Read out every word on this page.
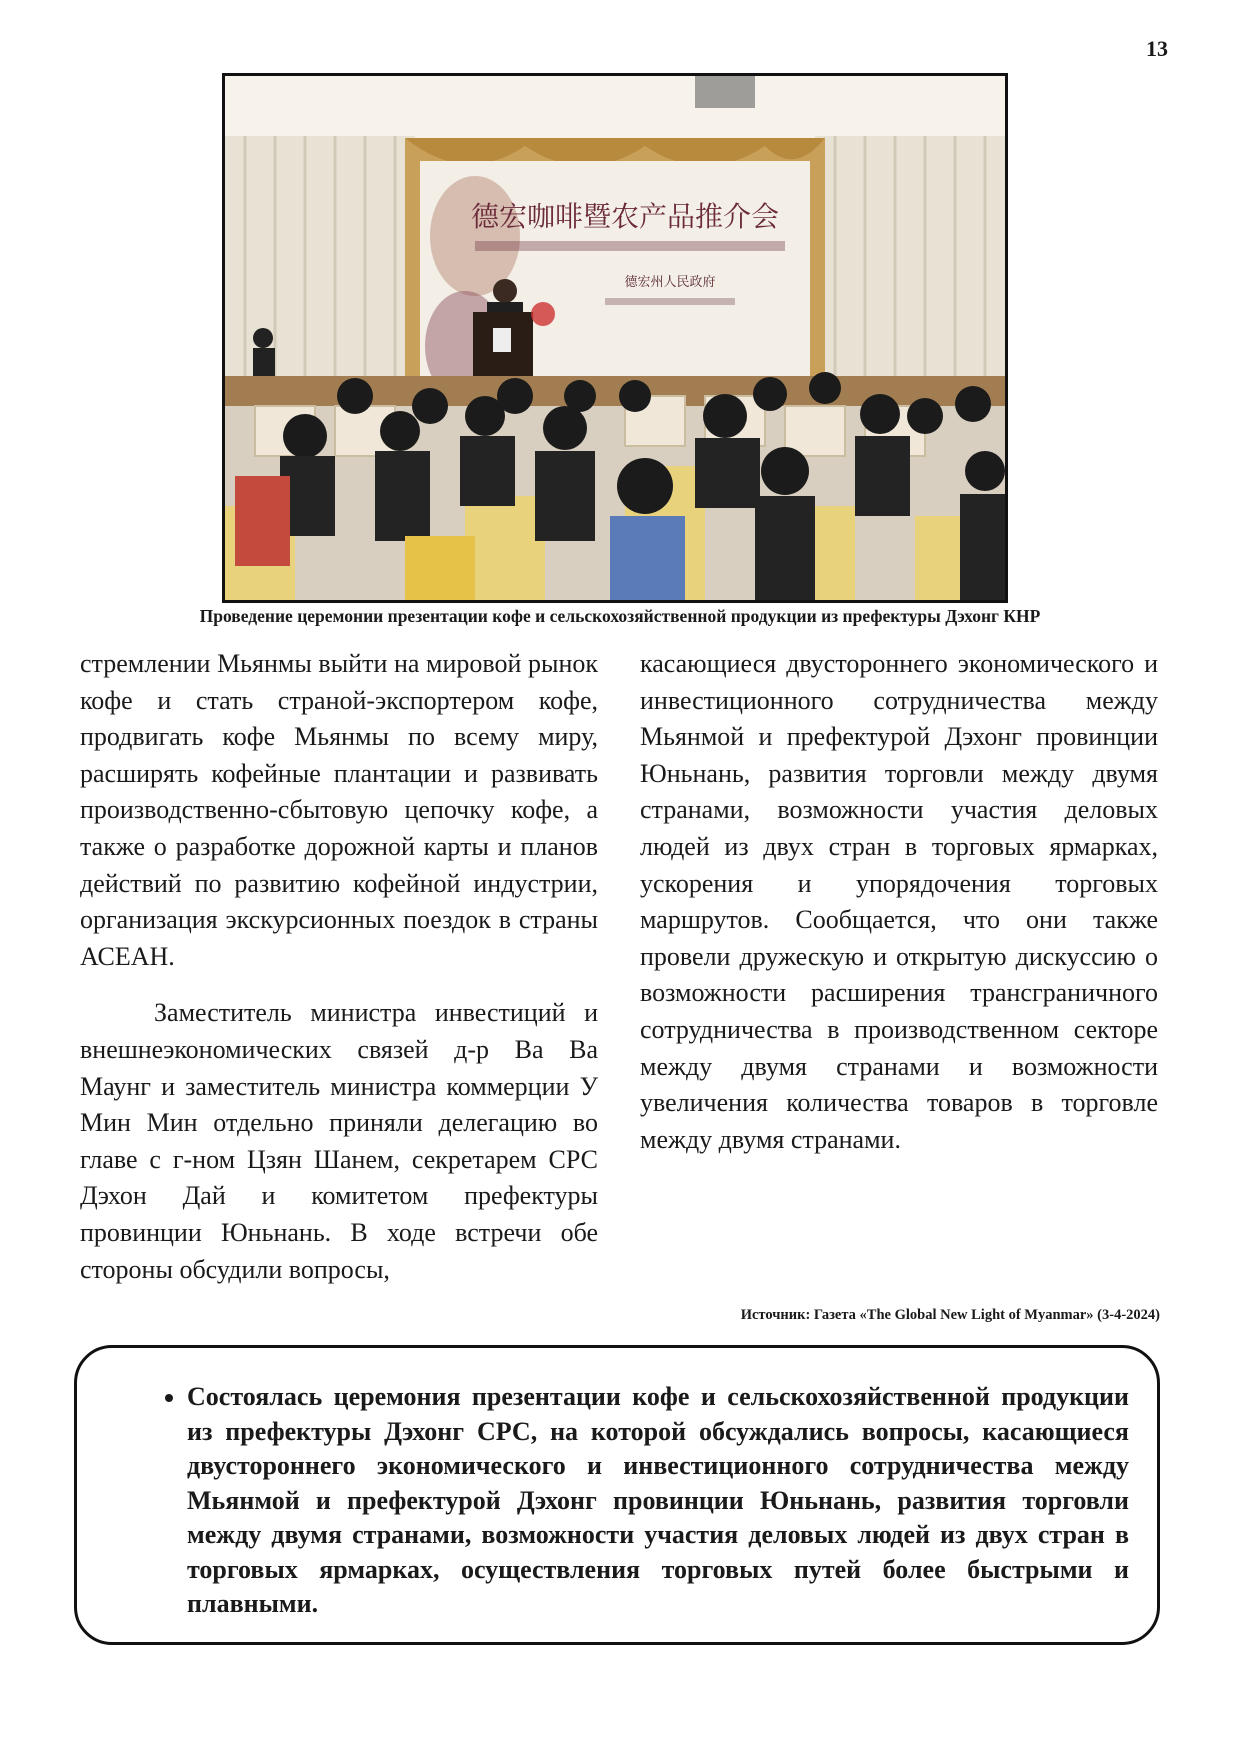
13
德宏咖啡暨农产品推介会
德宏州人民政府
Проведение церемонии презентации кофе и сельскохозяйственной продукции из префектуры Дэхонг КНР

стремлении Мьянмы выйти на мировой рынок кофе и стать страной-экспортером кофе, продвигать кофе Мьянмы по всему миру, расширять кофейные плантации и развивать производственно-сбытовую цепочку кофе, а также о разработке дорожной карты и планов действий по развитию кофейной индустрии, организация экскурсионных поездок в страны АСЕАН.

Заместитель министра инвестиций и внешнеэкономических связей д-р Ва Ва Маунг и заместитель министра коммерции У Мин Мин отдельно приняли делегацию во главе с г-ном Цзян Шанем, секретарем СРС Дэхон Дай и комитетом префектуры провинции Юньнань. В ходе встречи обе стороны обсудили вопросы,

касающиеся двустороннего экономического и инвестиционного сотрудничества между Мьянмой и префектурой Дэхонг провинции Юньнань, развития торговли между двумя странами, возможности участия деловых людей из двух стран в торговых ярмарках, ускорения и упорядочения торговых маршрутов. Сообщается, что они также провели дружескую и открытую дискуссию о возможности расширения трансграничного сотрудничества в производственном секторе между двумя странами и возможности увеличения количества товаров в торговле между двумя странами.

Источник: Газета «The Global New Light of Myanmar» (3-4-2024)
• Состоялась церемония презентации кофе и сельскохозяйственной продукции из префектуры Дэхонг СРС, на которой обсуждались вопросы, касающиеся двустороннего экономического и инвестиционного сотрудничества между Мьянмой и префектурой Дэхонг провинции Юньнань, развития торговли между двумя странами, возможности участия деловых людей из двух стран в торговых ярмарках, осуществления торговых путей более быстрыми и плавными.
